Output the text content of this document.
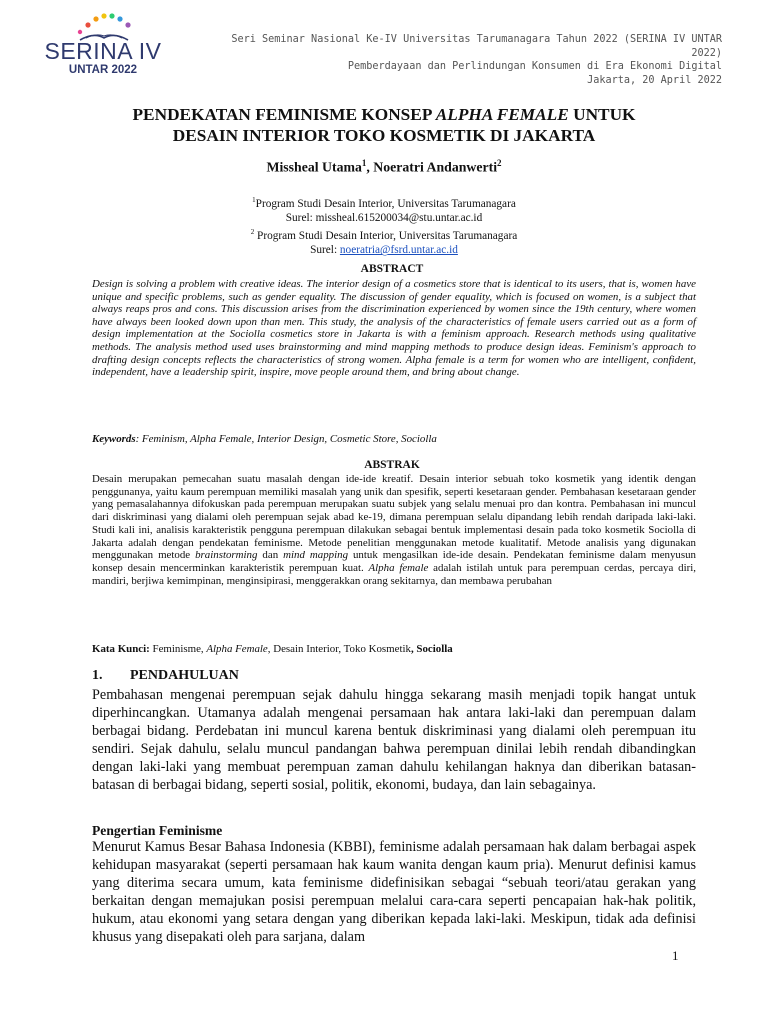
SERINA IV
UNTAR 2022
Seri Seminar Nasional Ke-IV Universitas Tarumanagara Tahun 2022 (SERINA IV UNTAR 2022)
Pemberdayaan dan Perlindungan Konsumen di Era Ekonomi Digital
Jakarta, 20 April 2022
PENDEKATAN FEMINISME KONSEP ALPHA FEMALE UNTUK
DESAIN INTERIOR TOKO KOSMETIK DI JAKARTA
Missheal Utama$^1$, Noeratri Andanwerti$^2$
$^1$Program Studi Desain Interior, Universitas Tarumanagara
Surel: missheal.615200034@stu.untar.ac.id
$^2$ Program Studi Desain Interior, Universitas Tarumanagara
Surel: noeratria@fsrd.untar.ac.id
ABSTRACT
Design is solving a problem with creative ideas. The interior design of a cosmetics store that is identical to its users, that is, women have unique and specific problems, such as gender equality. The discussion of gender equality, which is focused on women, is a subject that always reaps pros and cons. This discussion arises from the discrimination experienced by women since the 19th century, where women have always been looked down upon than men. This study, the analysis of the characteristics of female users carried out as a form of design implementation at the Sociolla cosmetics store in Jakarta is with a feminism approach. Research methods using qualitative methods. The analysis method used uses brainstorming and mind mapping methods to produce design ideas. Feminism's approach to drafting design concepts reflects the characteristics of strong women. Alpha female is a term for women who are intelligent, confident, independent, have a leadership spirit, inspire, move people around them, and bring about change.
Keywords: Feminism, Alpha Female, Interior Design, Cosmetic Store, Sociolla
ABSTRAK
Desain merupakan pemecahan suatu masalah dengan ide-ide kreatif. Desain interior sebuah toko kosmetik yang identik dengan penggunanya, yaitu kaum perempuan memiliki masalah yang unik dan spesifik, seperti kesetaraan gender. Pembahasan kesetaraan gender yang pemasalahannya difokuskan pada perempuan merupakan suatu subjek yang selalu menuai pro dan kontra. Pembahasan ini muncul dari diskriminasi yang dialami oleh perempuan sejak abad ke-19, dimana perempuan selalu dipandang lebih rendah daripada laki-laki. Studi kali ini, analisis karakteristik pengguna perempuan dilakukan sebagai bentuk implementasi desain pada toko kosmetik Sociolla di Jakarta adalah dengan pendekatan feminisme. Metode penelitian menggunakan metode kualitatif. Metode analisis yang digunakan menggunakan metode brainstorming dan mind mapping untuk mengasilkan ide-ide desain. Pendekatan feminisme dalam menyusun konsep desain mencerminkan karakteristik perempuan kuat. Alpha female adalah istilah untuk para perempuan cerdas, percaya diri, mandiri, berjiwa kemimpinan, menginsipirasi, menggerakkan orang sekitarnya, dan membawa perubahan
Kata Kunci: Feminisme, Alpha Female, Desain Interior, Toko Kosmetik, Sociolla
1. PENDAHULUAN
Pembahasan mengenai perempuan sejak dahulu hingga sekarang masih menjadi topik hangat untuk diperhincangkan. Utamanya adalah mengenai persamaan hak antara laki-laki dan perempuan dalam berbagai bidang. Perdebatan ini muncul karena bentuk diskriminasi yang dialami oleh perempuan itu sendiri. Sejak dahulu, selalu muncul pandangan bahwa perempuan dinilai lebih rendah dibandingkan dengan laki-laki yang membuat perempuan zaman dahulu kehilangan haknya dan diberikan batasan-batasan di berbagai bidang, seperti sosial, politik, ekonomi, budaya, dan lain sebagainya.
Pengertian Feminisme
Menurut Kamus Besar Bahasa Indonesia (KBBI), feminisme adalah persamaan hak dalam berbagai aspek kehidupan masyarakat (seperti persamaan hak kaum wanita dengan kaum pria). Menurut definisi kamus yang diterima secara umum, kata feminisme didefinisikan sebagai “sebuah teori/atau gerakan yang berkaitan dengan memajukan posisi perempuan melalui cara-cara seperti pencapaian hak-hak politik, hukum, atau ekonomi yang setara dengan yang diberikan kepada laki-laki. Meskipun, tidak ada definisi khusus yang disepakati oleh para sarjana, dalam
1
